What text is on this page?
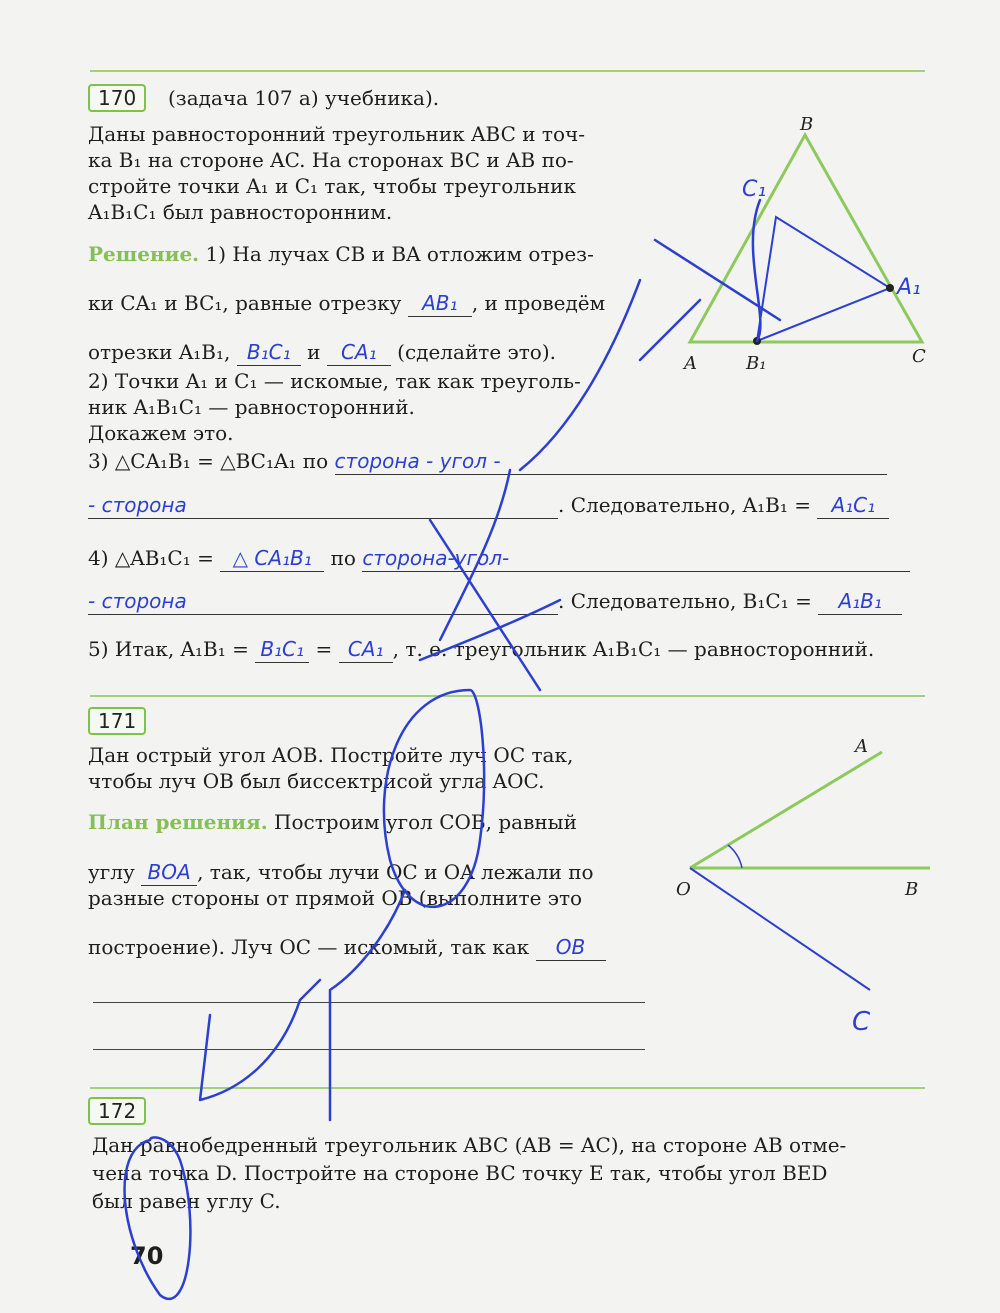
170	(задача 107 а) учебника).
Даны равносторонний треугольник ABC и точ-
ка B₁ на стороне AC. На сторонах BC и AB по-
стройте точки A₁ и C₁ так, чтобы треугольник
A₁B₁C₁ был равносторонним.
Решение. 1) На лучах CB и BA отложим отрез-
ки CA₁ и BC₁, равные отрезку AB₁ , и проведём
отрезки A₁B₁, B₁C₁ и CA₁ (сделайте это).
2) Точки A₁ и C₁ — искомые, так как треуголь-
ник A₁B₁C₁ — равносторонний.
Докажем это.
3) △CA₁B₁ = △BC₁A₁ по сторона - угол -
- сторона	. Следовательно, A₁B₁ = A₁C₁
4) △AB₁C₁ = △ CA₁B₁ по сторона-угол-
- сторона	. Следовательно, B₁C₁ = A₁B₁
5) Итак, A₁B₁ = B₁C₁ = CA₁ , т. е. треугольник A₁B₁C₁ — равносторонний.
171
Дан острый угол AOB. Постройте луч OC так,
чтобы луч OB был биссектрисой угла AOC.
План решения. Построим угол COB, равный
углу BOA , так, чтобы лучи OC и OA лежали по
разные стороны от прямой OB (выполните это
построение). Луч OC — искомый, так как OB
172
Дан равнобедренный треугольник ABC (AB = AC), на стороне AB отме-
чена точка D. Постройте на стороне BC точку E так, чтобы угол BED
был равен углу C.
70
B
A	B₁	C
A₁
C₁
A
O	B
C
СПИСОК
